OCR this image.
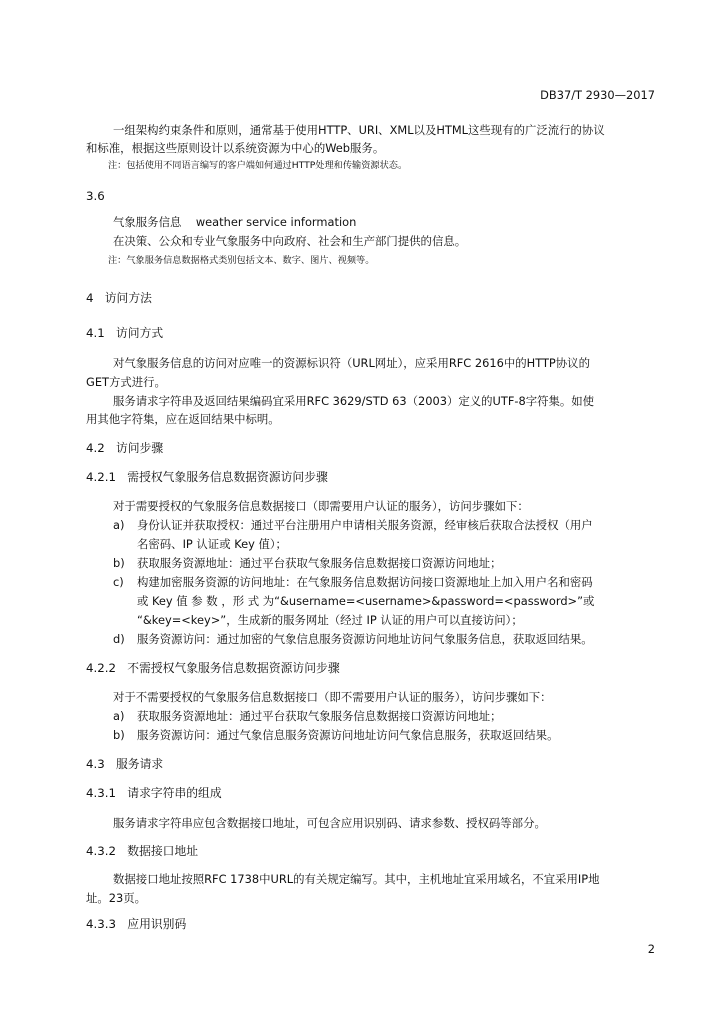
DB37/T 2930—2017
一组架构约束条件和原则，通常基于使用HTTP、URI、XML以及HTML这些现有的广泛流行的协议
和标准，根据这些原则设计以系统资源为中心的Web服务。
注：包括使用不同语言编写的客户端如何通过HTTP处理和传输资源状态。
3.6
气象服务信息    weather service information
在决策、公众和专业气象服务中向政府、社会和生产部门提供的信息。
注：气象服务信息数据格式类别包括文本、数字、图片、视频等。
4   访问方法
4.1   访问方式
对气象服务信息的访问对应唯一的资源标识符（URL网址），应采用RFC 2616中的HTTP协议的
GET方式进行。
服务请求字符串及返回结果编码宜采用RFC 3629/STD 63（2003）定义的UTF-8字符集。如使
用其他字符集，应在返回结果中标明。
4.2   访问步骤
4.2.1   需授权气象服务信息数据资源访问步骤
对于需要授权的气象服务信息数据接口（即需要用户认证的服务），访问步骤如下：
a) 身份认证并获取授权：通过平台注册用户申请相关服务资源，经审核后获取合法授权（用户
名密码、IP 认证或 Key 值）；
b) 获取服务资源地址：通过平台获取气象服务信息数据接口资源访问地址；
c) 构建加密服务资源的访问地址：在气象服务信息数据访问接口资源地址上加入用户名和密码
或 Key 值 参 数 ，形 式 为“&username=<username>&password=<password>”或
“&key=<key>”，生成新的服务网址（经过 IP 认证的用户可以直接访问）；
d) 服务资源访问：通过加密的气象信息服务资源访问地址访问气象服务信息，获取返回结果。
4.2.2   不需授权气象服务信息数据资源访问步骤
对于不需要授权的气象服务信息数据接口（即不需要用户认证的服务），访问步骤如下：
a) 获取服务资源地址：通过平台获取气象服务信息数据接口资源访问地址；
b) 服务资源访问：通过气象信息服务资源访问地址访问气象信息服务，获取返回结果。
4.3   服务请求
4.3.1   请求字符串的组成
服务请求字符串应包含数据接口地址，可包含应用识别码、请求参数、授权码等部分。
4.3.2   数据接口地址
数据接口地址按照RFC 1738中URL的有关规定编写。其中，主机地址宜采用域名，不宜采用IP地
址。23页。
4.3.3   应用识别码
2
